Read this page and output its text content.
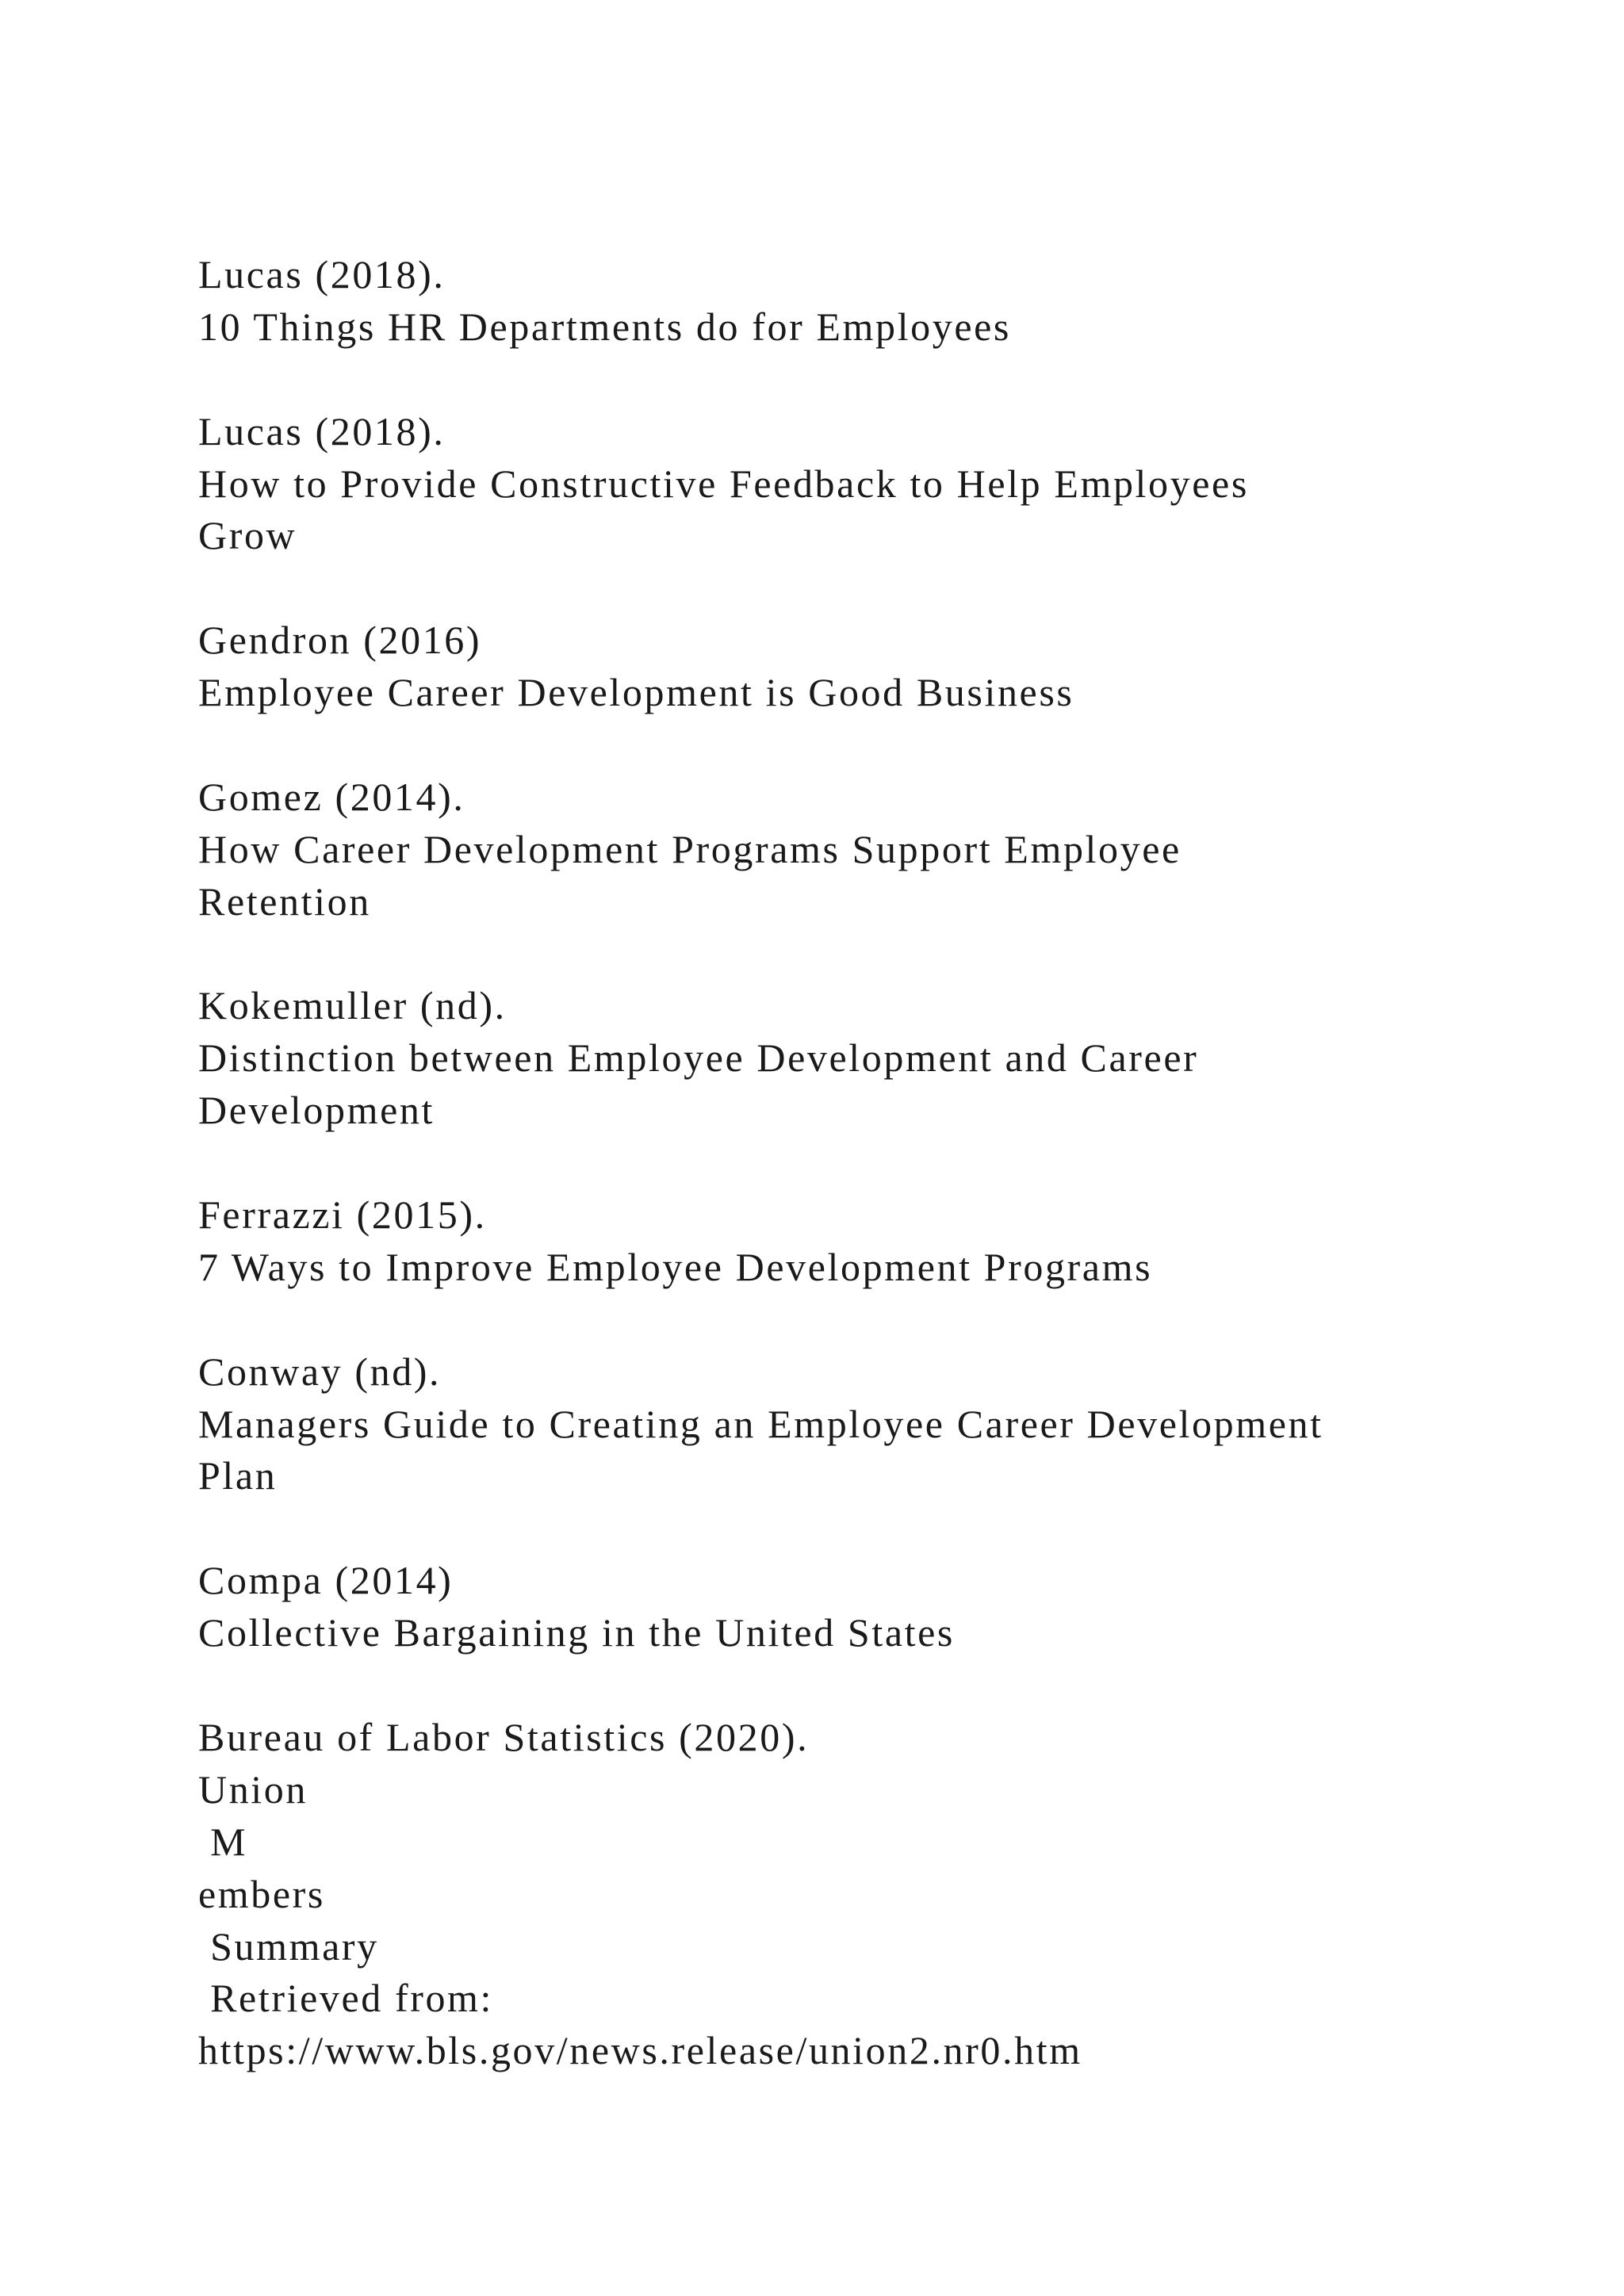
Lucas (2018).
10 Things HR Departments do for Employees
Lucas (2018).
How to Provide Constructive Feedback to Help Employees
Grow
Gendron (2016)
Employee Career Development is Good Business
Gomez (2014).
How Career Development Programs Support Employee
Retention
Kokemuller (nd).
Distinction between Employee Development and Career
Development
Ferrazzi (2015).
7 Ways to Improve Employee Development Programs
Conway (nd).
Managers Guide to Creating an Employee Career Development
Plan
Compa (2014)
Collective Bargaining in the United States
Bureau of Labor Statistics (2020).
Union
M
embers
Summary
Retrieved from:
https://www.bls.gov/news.release/union2.nr0.htm
